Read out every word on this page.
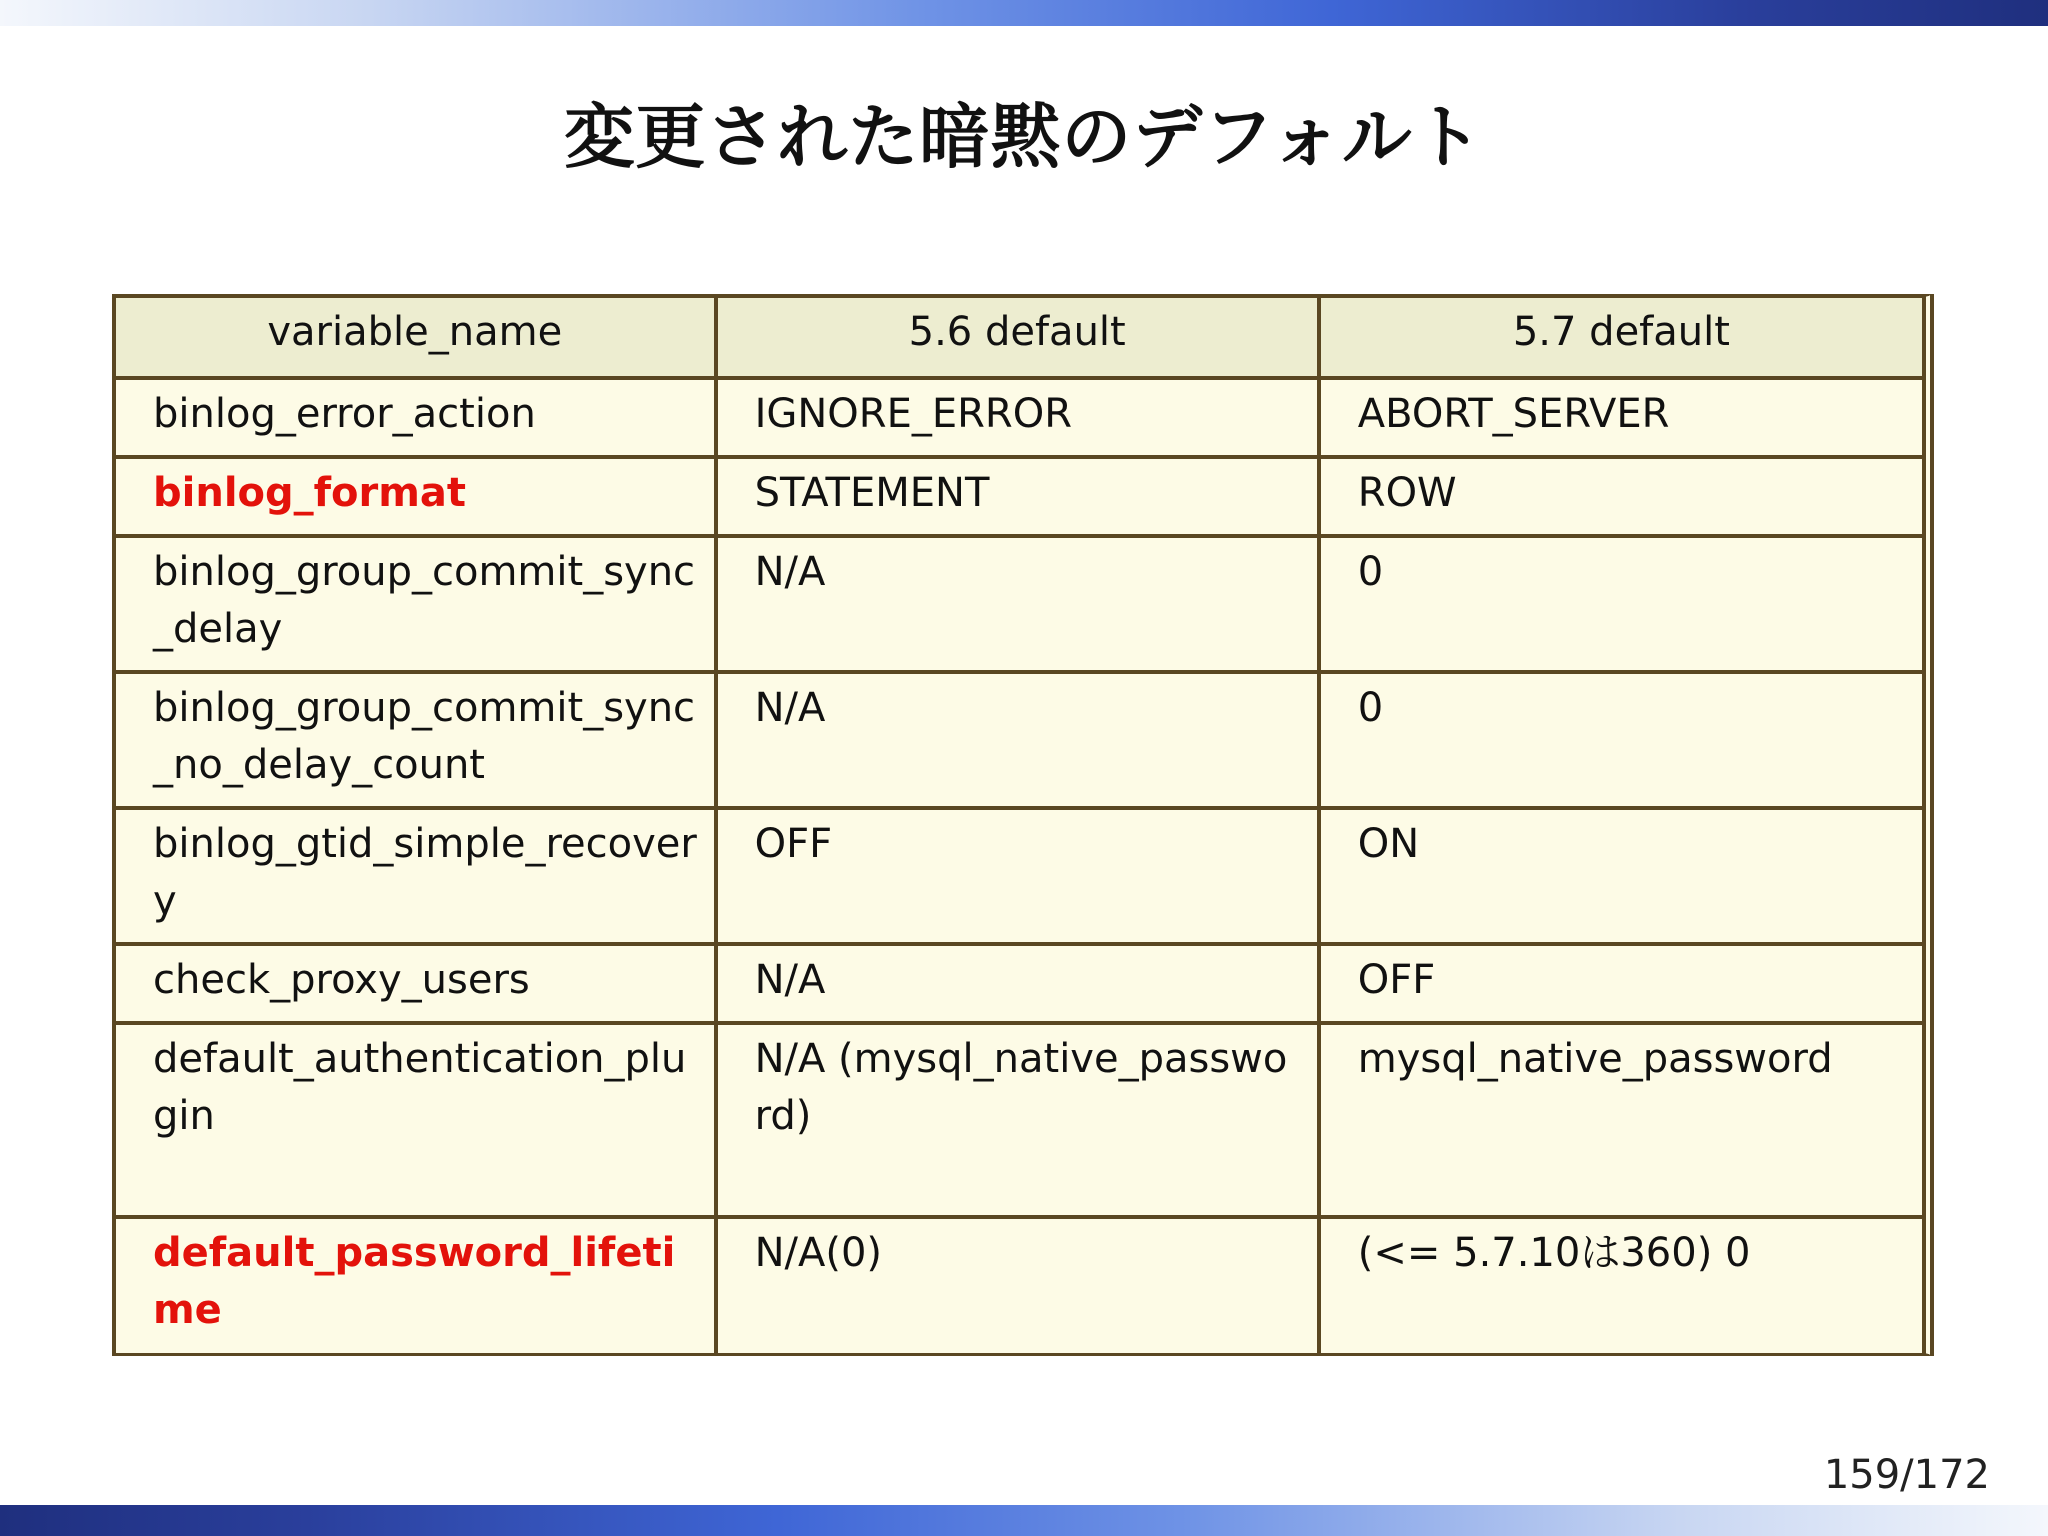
変更された暗黙のデフォルト
variable_name	5.6 default	5.7 default
binlog_error_action	IGNORE_ERROR	ABORT_SERVER
binlog_format	STATEMENT	ROW
binlog_group_commit_sync_delay	N/A	0
binlog_group_commit_sync_no_delay_count	N/A	0
binlog_gtid_simple_recovery	OFF	ON
check_proxy_users	N/A	OFF
default_authentication_plugin	N/A (mysql_native_password)	mysql_native_password
default_password_lifetime	N/A(0)	(<= 5.7.10は360) 0
159/172
